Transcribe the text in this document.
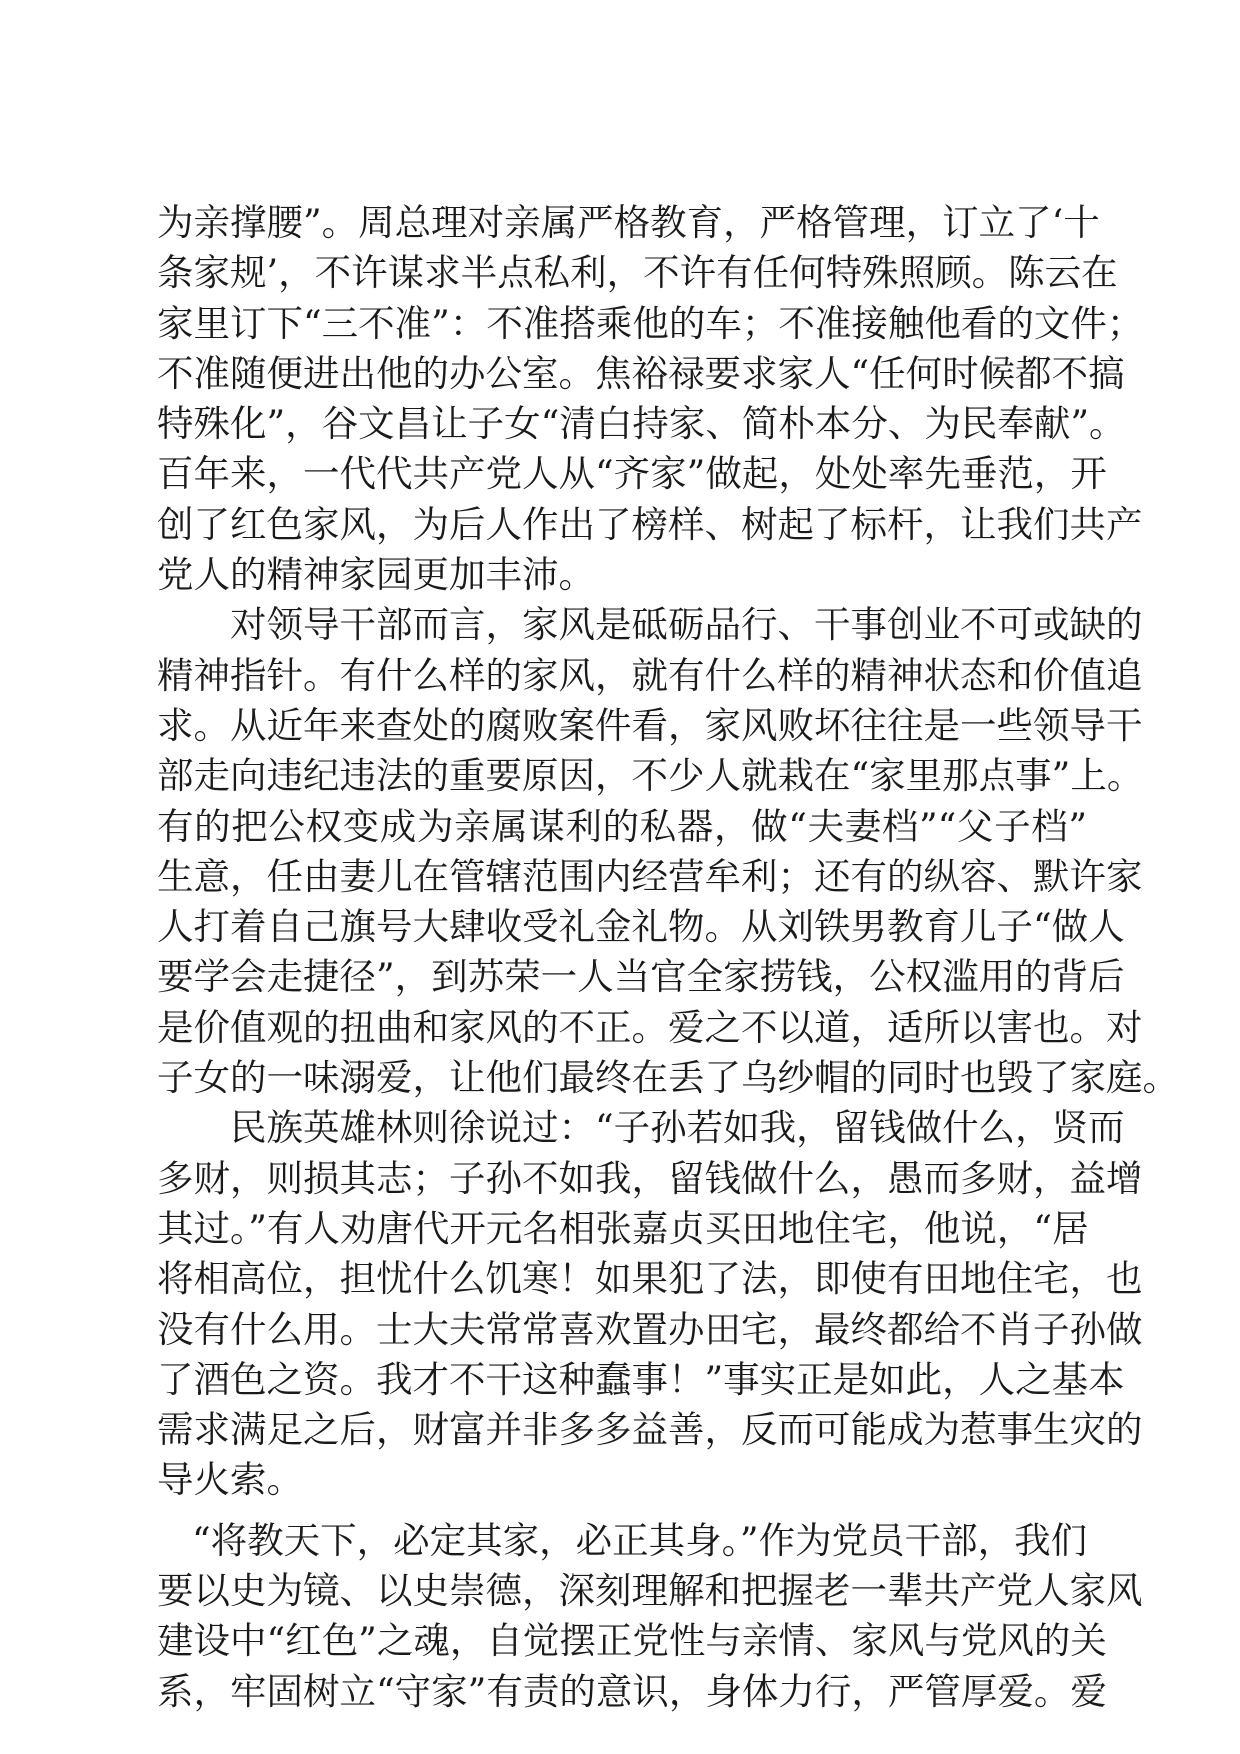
为亲撑腰”。周总理对亲属严格教育，严格管理，订立了‘十
条家规’，不许谋求半点私利，不许有任何特殊照顾。陈云在
家里订下“三不准”：不准搭乘他的车；不准接触他看的文件；
不准随便进出他的办公室。焦裕禄要求家人“任何时候都不搞
特殊化”，谷文昌让子女“清白持家、简朴本分、为民奉献”。
百年来，一代代共产党人从“齐家”做起，处处率先垂范，开
创了红色家风，为后人作出了榜样、树起了标杆，让我们共产
党人的精神家园更加丰沛。
对领导干部而言，家风是砥砺品行、干事创业不可或缺的
精神指针。有什么样的家风，就有什么样的精神状态和价值追
求。从近年来查处的腐败案件看，家风败坏往往是一些领导干
部走向违纪违法的重要原因，不少人就栽在“家里那点事”上。
有的把公权变成为亲属谋利的私器，做“夫妻档”“父子档”
生意，任由妻儿在管辖范围内经营牟利；还有的纵容、默许家
人打着自己旗号大肆收受礼金礼物。从刘铁男教育儿子“做人
要学会走捷径”，到苏荣一人当官全家捞钱，公权滥用的背后
是价值观的扭曲和家风的不正。爱之不以道，适所以害也。对
子女的一味溺爱，让他们最终在丢了乌纱帽的同时也毁了家庭。
民族英雄林则徐说过：“子孙若如我，留钱做什么，贤而
多财，则损其志；子孙不如我，留钱做什么，愚而多财，益增
其过。”有人劝唐代开元名相张嘉贞买田地住宅，他说，“居
将相高位，担忧什么饥寒！如果犯了法，即使有田地住宅，也
没有什么用。士大夫常常喜欢置办田宅，最终都给不肖子孙做
了酒色之资。我才不干这种蠢事！”事实正是如此，人之基本
需求满足之后，财富并非多多益善，反而可能成为惹事生灾的
导火索。
“将教天下，必定其家，必正其身。”作为党员干部，我们
要以史为镜、以史崇德，深刻理解和把握老一辈共产党人家风
建设中“红色”之魂，自觉摆正党性与亲情、家风与党风的关
系，牢固树立“守家”有责的意识，身体力行，严管厚爱。爱
